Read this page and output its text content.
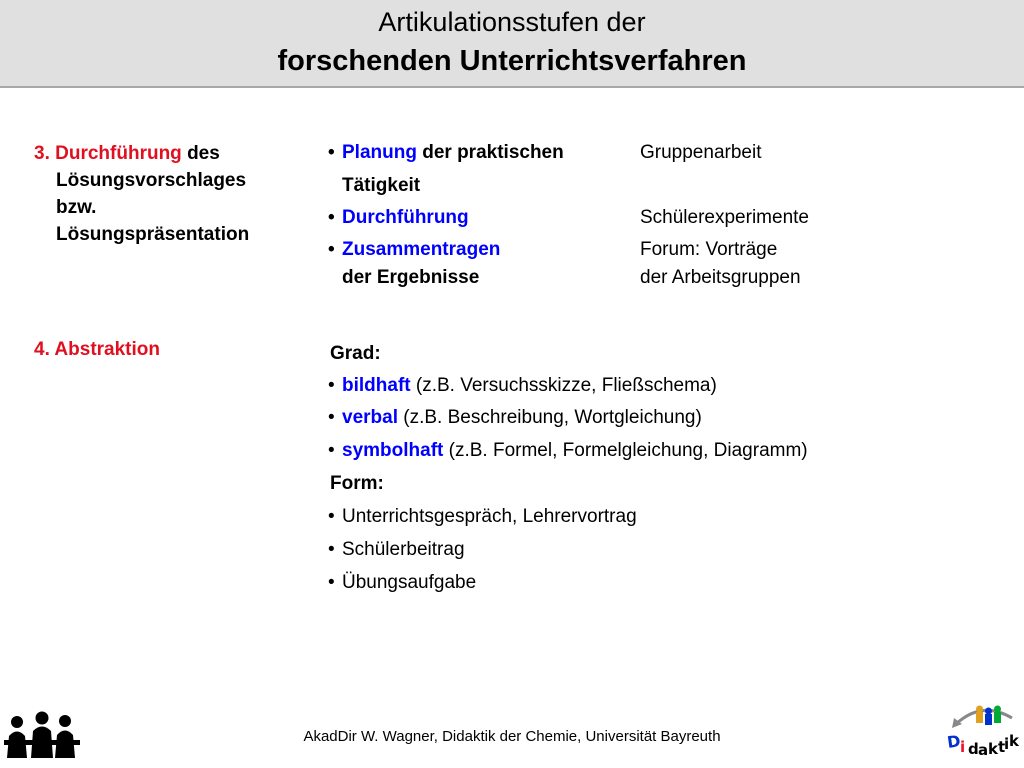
Artikulationsstufen der
forschenden Unterrichtsverfahren
3. Durchführung des
Lösungsvorschlages
bzw.
Lösungspräsentation
4. Abstraktion
• Planung der praktischen
Tätigkeit
Gruppenarbeit
• Durchführung	Schülerexperimente
• Zusammentragen
der Ergebnisse
Forum: Vorträge
der Arbeitsgruppen
Grad:
• bildhaft (z.B. Versuchsskizze, Fließschema)
• verbal (z.B. Beschreibung, Wortgleichung)
• symbolhaft (z.B. Formel, Formelgleichung, Diagramm)
Form:
• Unterrichtsgespräch, Lehrervortrag
• Schülerbeitrag
• Übungsaufgabe
AkadDir W. Wagner, Didaktik der Chemie, Universität Bayreuth	D
i d a k t
i k
